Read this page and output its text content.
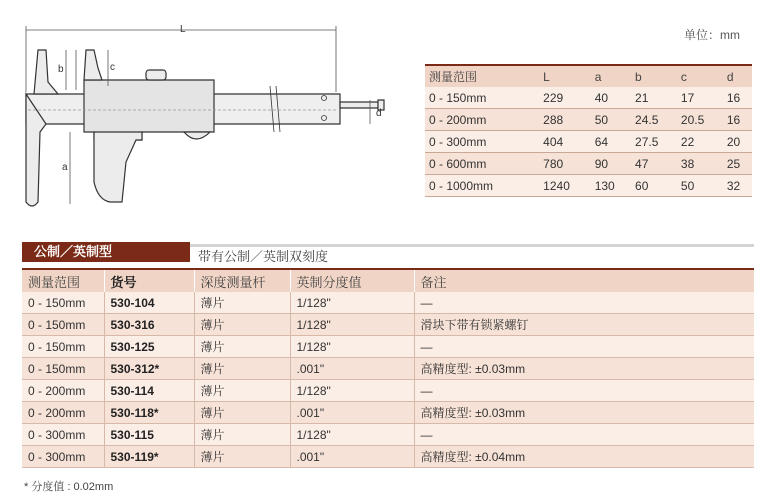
单位：mm
L
b	c
a
d
测量范围	L	a	b	c	d
0 - 150mm	229	40	21	17	16
0 - 200mm	288	50	24.5	20.5	16
0 - 300mm	404	64	27.5	22	20
0 - 600mm	780	90	47	38	25
0 - 1000mm	1240	130	60	50	32
公制／英制型	带有公制／英制双刻度
测量范围	货号	深度测量杆	英制分度值	备注
0 - 150mm	530-104	薄片	1/128"	—
0 - 150mm	530-316	薄片	1/128"	滑块下带有锁紧螺钉
0 - 150mm	530-125	薄片	1/128"	—
0 - 150mm	530-312*	薄片	.001"	高精度型: ±0.03mm
0 - 200mm	530-114	薄片	1/128"	—
0 - 200mm	530-118*	薄片	.001"	高精度型: ±0.03mm
0 - 300mm	530-115	薄片	1/128"	—
0 - 300mm	530-119*	薄片	.001"	高精度型: ±0.04mm
* 分度值 : 0.02mm
